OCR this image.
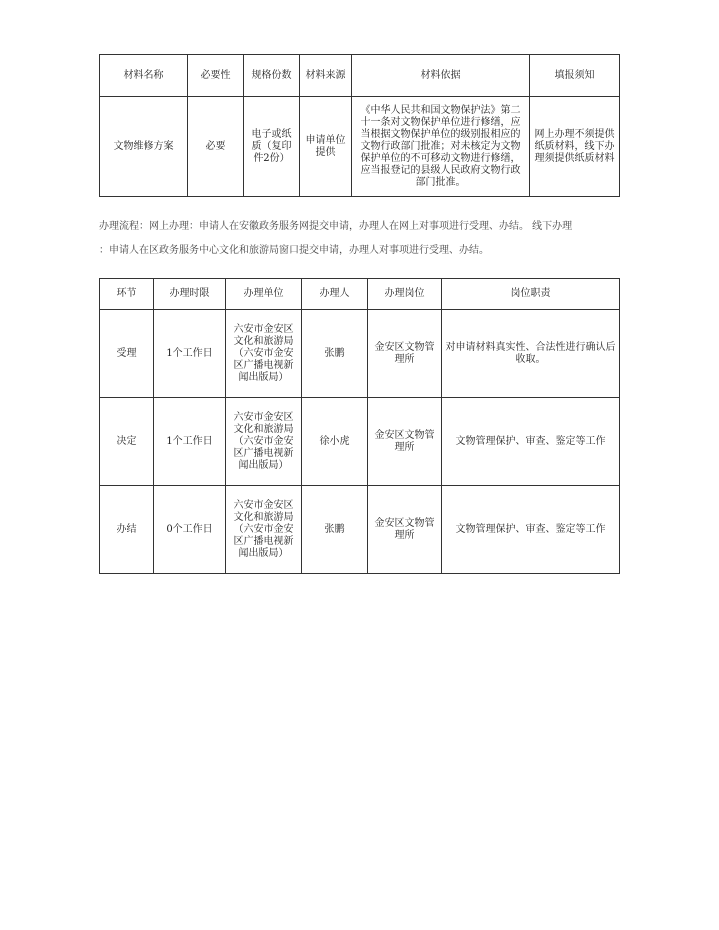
材料名称	必要性	规格份数	材料来源	材料依据	填报须知
文物维修方案	必要	电子或纸质（复印件2份）	申请单位提供	《中华人民共和国文物保护法》第二十一条对文物保护单位进行修缮，应当根据文物保护单位的级别报相应的文物行政部门批准；对未核定为文物保护单位的不可移动文物进行修缮，应当报登记的县级人民政府文物行政部门批准。	网上办理不须提供纸质材料，线下办理须提供纸质材料

办理流程：网上办理：申请人在安徽政务服务网提交申请，办理人在网上对事项进行受理、办结。 线下办理

：申请人在区政务服务中心文化和旅游局窗口提交申请，办理人对事项进行受理、办结。

环节	办理时限	办理单位	办理人	办理岗位	岗位职责
受理	1个工作日	六安市金安区文化和旅游局（六安市金安区广播电视新闻出版局）	张鹏	金安区文物管理所	对申请材料真实性、合法性进行确认后收取。
决定	1个工作日	六安市金安区文化和旅游局（六安市金安区广播电视新闻出版局）	徐小虎	金安区文物管理所	文物管理保护、审查、鉴定等工作
办结	0个工作日	六安市金安区文化和旅游局（六安市金安区广播电视新闻出版局）	张鹏	金安区文物管理所	文物管理保护、审查、鉴定等工作
